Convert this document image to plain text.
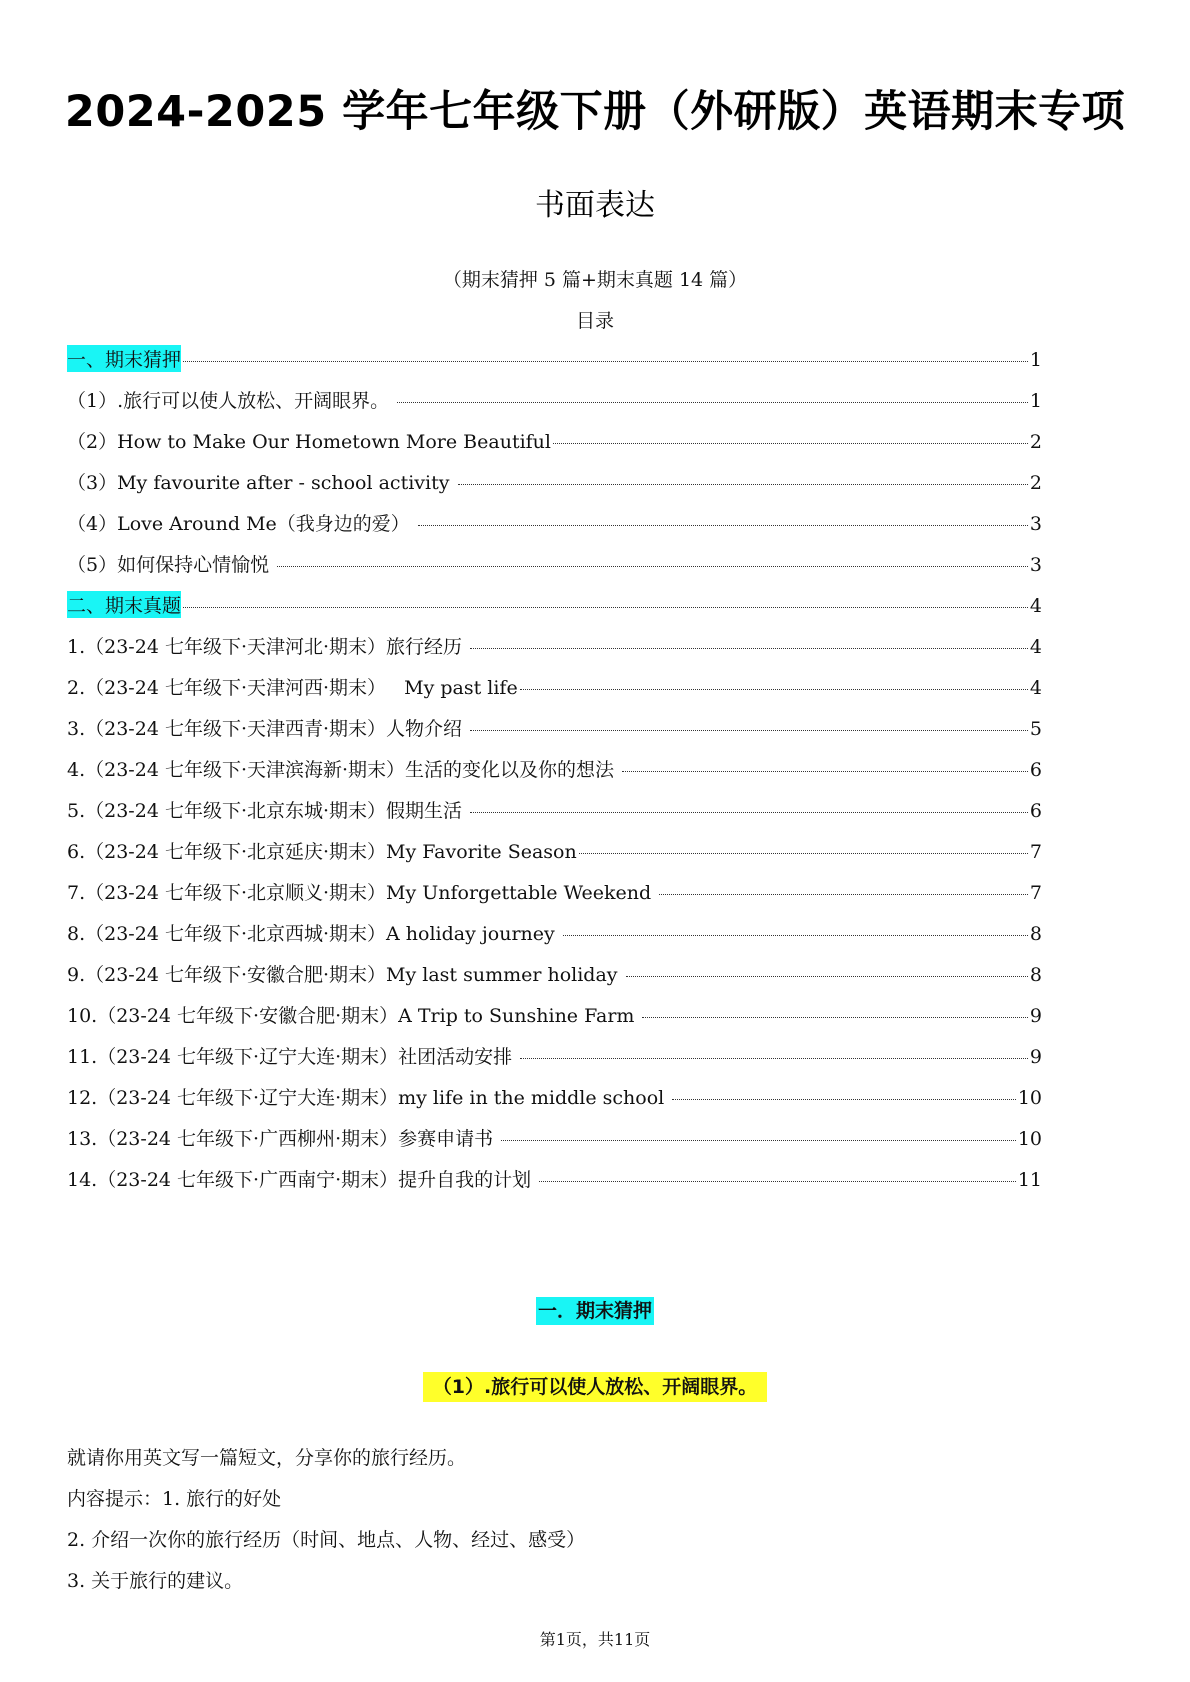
2024-2025 学年七年级下册（外研版）英语期末专项
书面表达
（期末猜押 5 篇+期末真题 14 篇）
目录
一、期末猜押	1
（1）.旅行可以使人放松、开阔眼界。	1
（2）How to Make Our Hometown More Beautiful	2
（3）My favourite after - school activity	2
（4）Love Around Me（我身边的爱）	3
（5）如何保持心情愉悦	3
二、期末真题	4
1.（23-24 七年级下·天津河北·期末）旅行经历	4
2.（23-24 七年级下·天津河西·期末）   My past life	4
3.（23-24 七年级下·天津西青·期末）人物介绍	5
4.（23-24 七年级下·天津滨海新·期末）生活的变化以及你的想法	6
5.（23-24 七年级下·北京东城·期末）假期生活	6
6.（23-24 七年级下·北京延庆·期末）My Favorite Season	7
7.（23-24 七年级下·北京顺义·期末）My Unforgettable Weekend	7
8.（23-24 七年级下·北京西城·期末）A holiday journey	8
9.（23-24 七年级下·安徽合肥·期末）My last summer holiday	8
10.（23-24 七年级下·安徽合肥·期末）A Trip to Sunshine Farm	9
11.（23-24 七年级下·辽宁大连·期末）社团活动安排	9
12.（23-24 七年级下·辽宁大连·期末）my life in the middle school	10
13.（23-24 七年级下·广西柳州·期末）参赛申请书	10
14.（23-24 七年级下·广西南宁·期末）提升自我的计划	11
一．期末猜押
（1）.旅行可以使人放松、开阔眼界。
就请你用英文写一篇短文，分享你的旅行经历。
内容提示：1. 旅行的好处
2. 介绍一次你的旅行经历（时间、地点、人物、经过、感受）
3. 关于旅行的建议。
第1页，共11页
